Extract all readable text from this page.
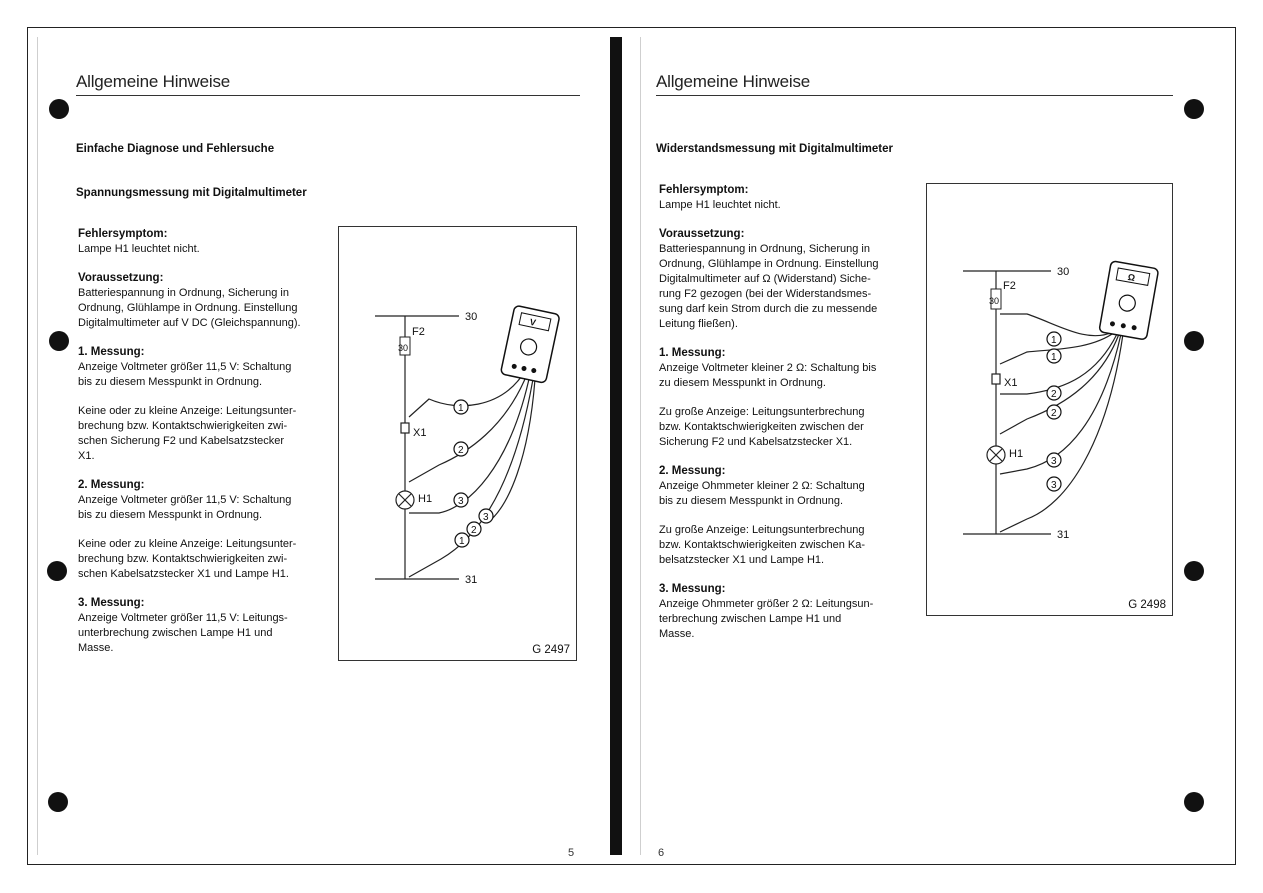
Allgemeine Hinweise
Einfache Diagnose und Fehlersuche
Spannungsmessung mit Digitalmultimeter
Fehlersymptom:
Lampe H1 leuchtet nicht.
Voraussetzung:
Batteriespannung in Ordnung, Sicherung in
Ordnung, Glühlampe in Ordnung. Einstellung
Digitalmultimeter auf V DC (Gleichspannung).
1. Messung:
Anzeige Voltmeter größer 11,5 V: Schaltung
bis zu diesem Messpunkt in Ordnung.
Keine oder zu kleine Anzeige: Leitungsunter-
brechung bzw. Kontaktschwierigkeiten zwi-
schen Sicherung F2 und Kabelsatzstecker
X1.
2. Messung:
Anzeige Voltmeter größer 11,5 V: Schaltung
bis zu diesem Messpunkt in Ordnung.
Keine oder zu kleine Anzeige: Leitungsunter-
brechung bzw. Kontaktschwierigkeiten zwi-
schen Kabelsatzstecker X1 und Lampe H1.
3. Messung:
Anzeige Voltmeter größer 11,5 V: Leitungs-
unterbrechung zwischen Lampe H1 und
Masse.
30
31
F2
30
X1
H1
V
1
2
3
3
2
1
G 2497
5
Allgemeine Hinweise
Widerstandsmessung mit Digitalmultimeter
Fehlersymptom:
Lampe H1 leuchtet nicht.
Voraussetzung:
Batteriespannung in Ordnung, Sicherung in
Ordnung, Glühlampe in Ordnung. Einstellung
Digitalmultimeter auf Ω (Widerstand) Siche-
rung F2 gezogen (bei der Widerstandsmes-
sung darf kein Strom durch die zu messende
Leitung fließen).
1. Messung:
Anzeige Voltmeter kleiner 2 Ω: Schaltung bis
zu diesem Messpunkt in Ordnung.
Zu große Anzeige: Leitungsunterbrechung
bzw. Kontaktschwierigkeiten zwischen der
Sicherung F2 und Kabelsatzstecker X1.
2. Messung:
Anzeige Ohmmeter kleiner 2 Ω: Schaltung
bis zu diesem Messpunkt in Ordnung.
Zu große Anzeige: Leitungsunterbrechung
bzw. Kontaktschwierigkeiten zwischen Ka-
belsatzstecker X1 und Lampe H1.
3. Messung:
Anzeige Ohmmeter größer 2 Ω: Leitungsun-
terbrechung zwischen Lampe H1 und
Masse.
30
31
F2
30
X1
H1
Ω
1
1
2
2
3
3
G 2498
6
